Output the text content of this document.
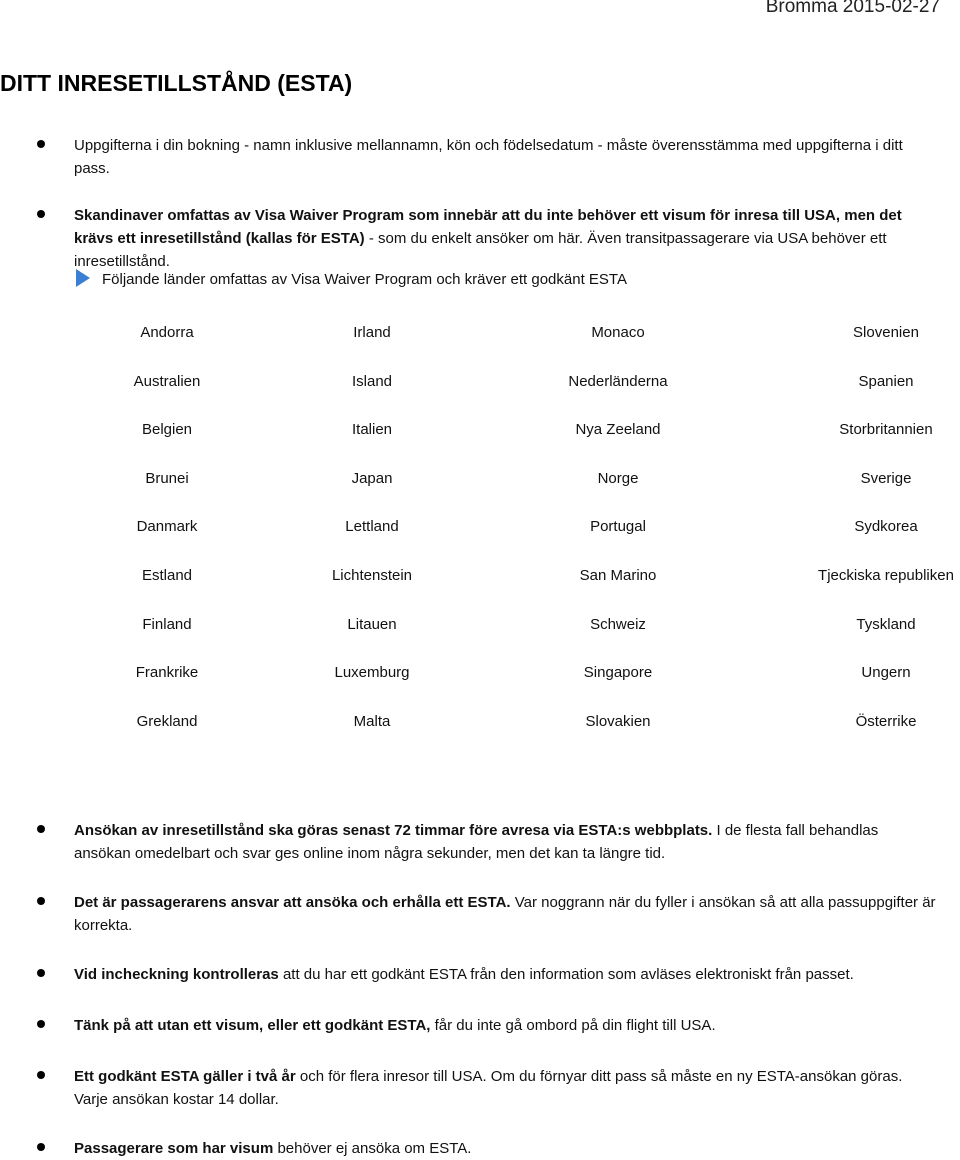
Bromma 2015-02-27
DITT INRESETILLSTÅND (ESTA)
Uppgifterna i din bokning - namn inklusive mellannamn, kön och födelsedatum - måste överensstämma med uppgifterna i ditt pass.
Skandinaver omfattas av Visa Waiver Program som innebär att du inte behöver ett visum för inresa till USA, men det krävs ett inresetillstånd (kallas för ESTA) - som du enkelt ansöker om här. Även transitpassagerare via USA behöver ett inresetillstånd.
Följande länder omfattas av Visa Waiver Program och kräver ett godkänt ESTA
Andorra	Irland	Monaco	Slovenien
Australien	Island	Nederländerna	Spanien
Belgien	Italien	Nya Zeeland	Storbritannien
Brunei	Japan	Norge	Sverige
Danmark	Lettland	Portugal	Sydkorea
Estland	Lichtenstein	San Marino	Tjeckiska republiken
Finland	Litauen	Schweiz	Tyskland
Frankrike	Luxemburg	Singapore	Ungern
Grekland	Malta	Slovakien	Österrike
Ansökan av inresetillstånd ska göras senast 72 timmar före avresa via ESTA:s webbplats. I de flesta fall behandlas ansökan omedelbart och svar ges online inom några sekunder, men det kan ta längre tid.
Det är passagerarens ansvar att ansöka och erhålla ett ESTA. Var noggrann när du fyller i ansökan så att alla passuppgifter är korrekta.
Vid incheckning kontrolleras att du har ett godkänt ESTA från den information som avläses elektroniskt från passet.
Tänk på att utan ett visum, eller ett godkänt ESTA, får du inte gå ombord på din flight till USA.
Ett godkänt ESTA gäller i två år och för flera inresor till USA. Om du förnyar ditt pass så måste en ny ESTA-ansökan göras. Varje ansökan kostar 14 dollar.
Passagerare som har visum behöver ej ansöka om ESTA.
